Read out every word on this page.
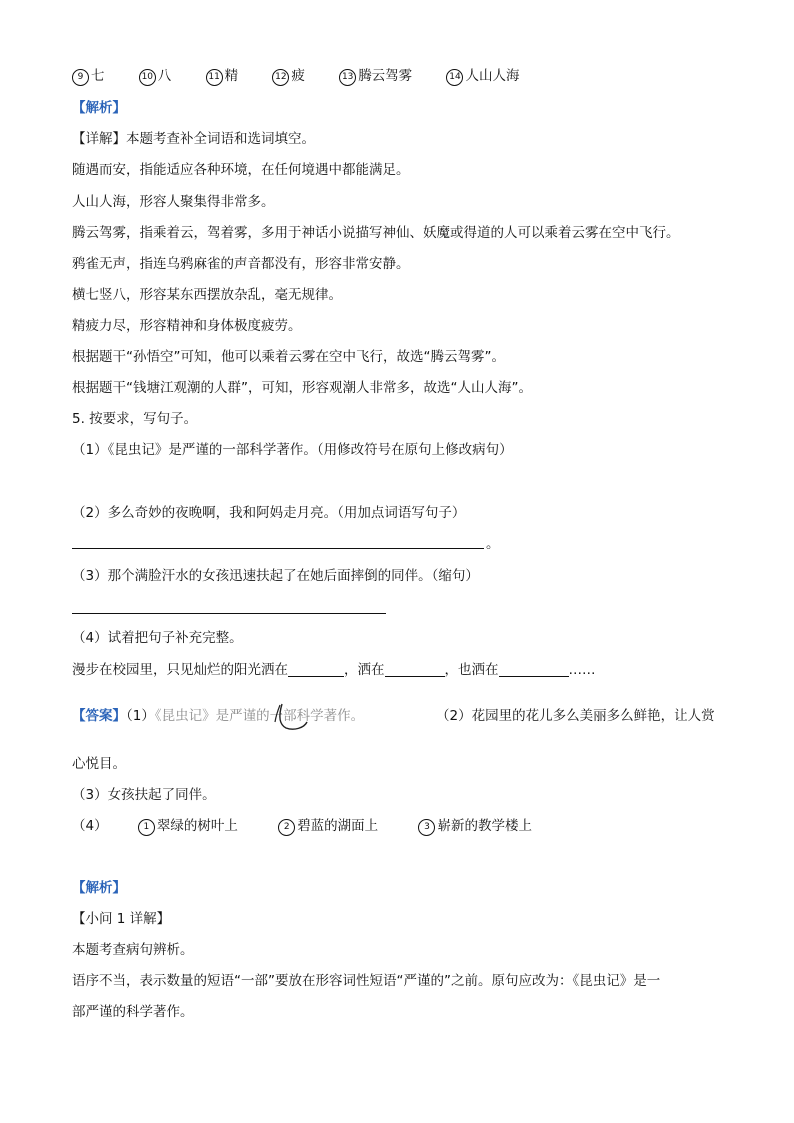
9 七	10 八	11 精	12 疲	13 腾云驾雾	14 人山人海
【解析】
【详解】本题考查补全词语和选词填空。
随遇而安，指能适应各种环境，在任何境遇中都能满足。
人山人海，形容人聚集得非常多。
腾云驾雾，指乘着云，驾着雾，多用于神话小说描写神仙、妖魔或得道的人可以乘着云雾在空中飞行。
鸦雀无声，指连乌鸦麻雀的声音都没有，形容非常安静。
横七竖八，形容某东西摆放杂乱，毫无规律。
精疲力尽，形容精神和身体极度疲劳。
根据题干“孙悟空”可知，他可以乘着云雾在空中飞行，故选“腾云驾雾”。
根据题干“钱塘江观潮的人群”，可知，形容观潮人非常多，故选“人山人海”。
5. 按要求，写句子。
（1）《昆虫记》是严谨的一部科学著作。（用修改符号在原句上修改病句）
（2）多么奇妙的夜晚啊，我和阿妈走月亮。（用加点词语写句子）
。
（3）那个满脸汗水的女孩迅速扶起了在她后面摔倒的同伴。（缩句）
（4）试着把句子补充完整。
漫步在校园里，只见灿烂的阳光洒在	，洒在	，也洒在	……
【答案】（1）《昆虫记》是严谨的一部科学著作。	（2）花园里的花儿多么美丽多么鲜艳，让人赏
心悦目。
（3）女孩扶起了同伴。
（4）	1 翠绿的树叶上	2 碧蓝的湖面上	3 崭新的教学楼上
【解析】
【小问 1 详解】
本题考查病句辨析。
语序不当，表示数量的短语“一部”要放在形容词性短语“严谨的”之前。原句应改为：《昆虫记》是一
部严谨的科学著作。
